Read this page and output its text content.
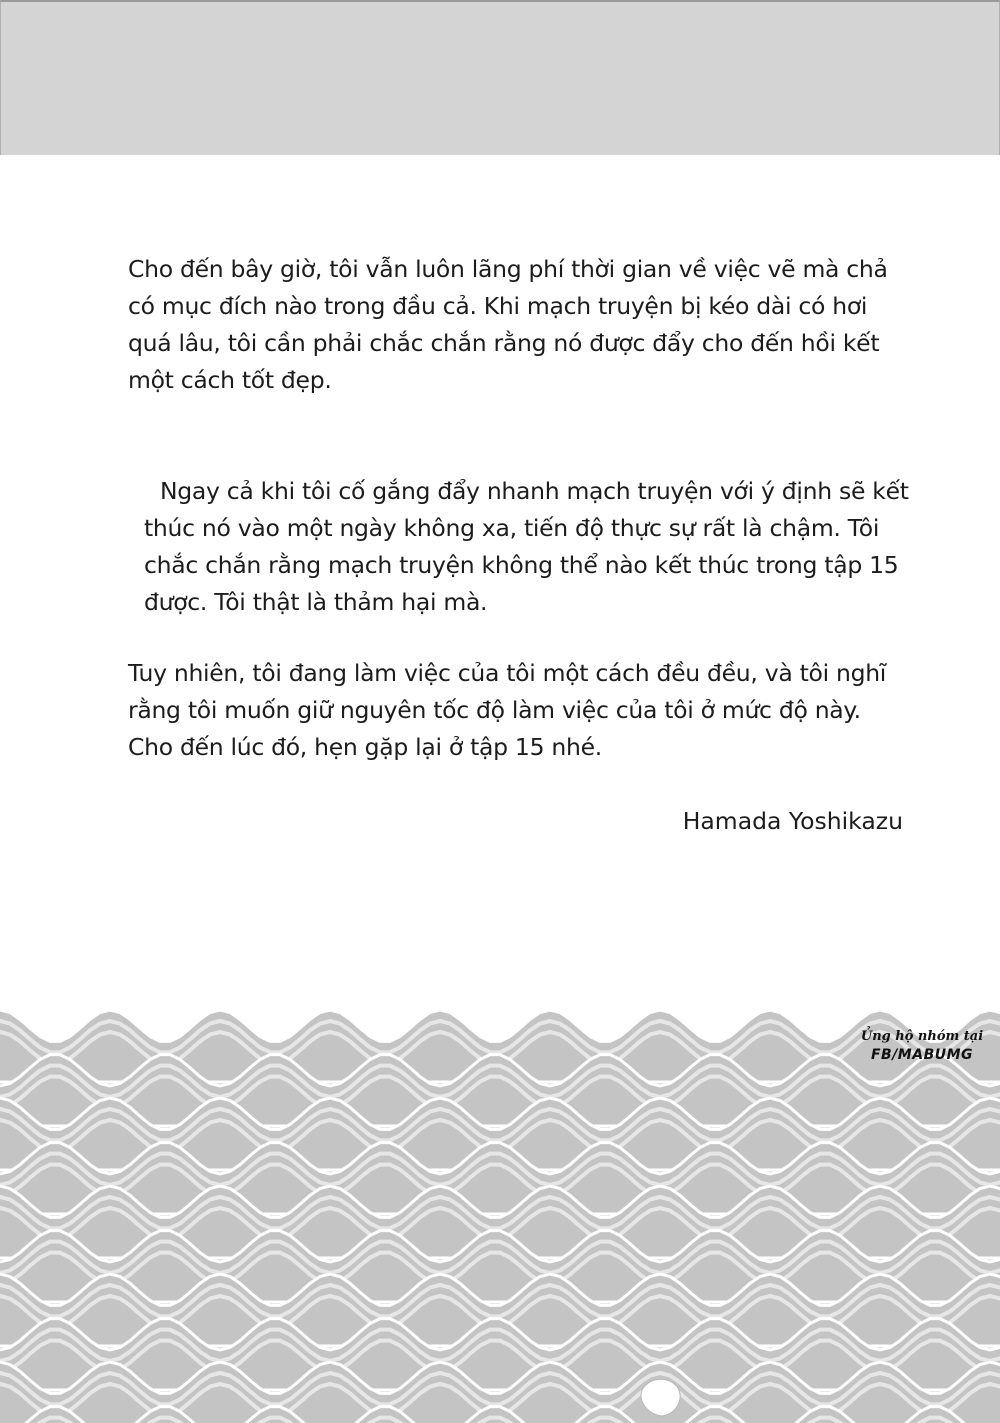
Cho đến bây giờ, tôi vẫn luôn lãng phí thời gian về việc vẽ mà chả
có mục đích nào trong đầu cả. Khi mạch truyện bị kéo dài có hơi
quá lâu, tôi cần phải chắc chắn rằng nó được đẩy cho đến hồi kết
một cách tốt đẹp.
Ngay cả khi tôi cố gắng đẩy nhanh mạch truyện với ý định sẽ kết
thúc nó vào một ngày không xa, tiến độ thực sự rất là chậm. Tôi
chắc chắn rằng mạch truyện không thể nào kết thúc trong tập 15
được. Tôi thật là thảm hại mà.
Tuy nhiên, tôi đang làm việc của tôi một cách đều đều, và tôi nghĩ
rằng tôi muốn giữ nguyên tốc độ làm việc của tôi ở mức độ này.
Cho đến lúc đó, hẹn gặp lại ở tập 15 nhé.
Hamada Yoshikazu
Ủng hộ nhóm tại
FB/MABUMG
